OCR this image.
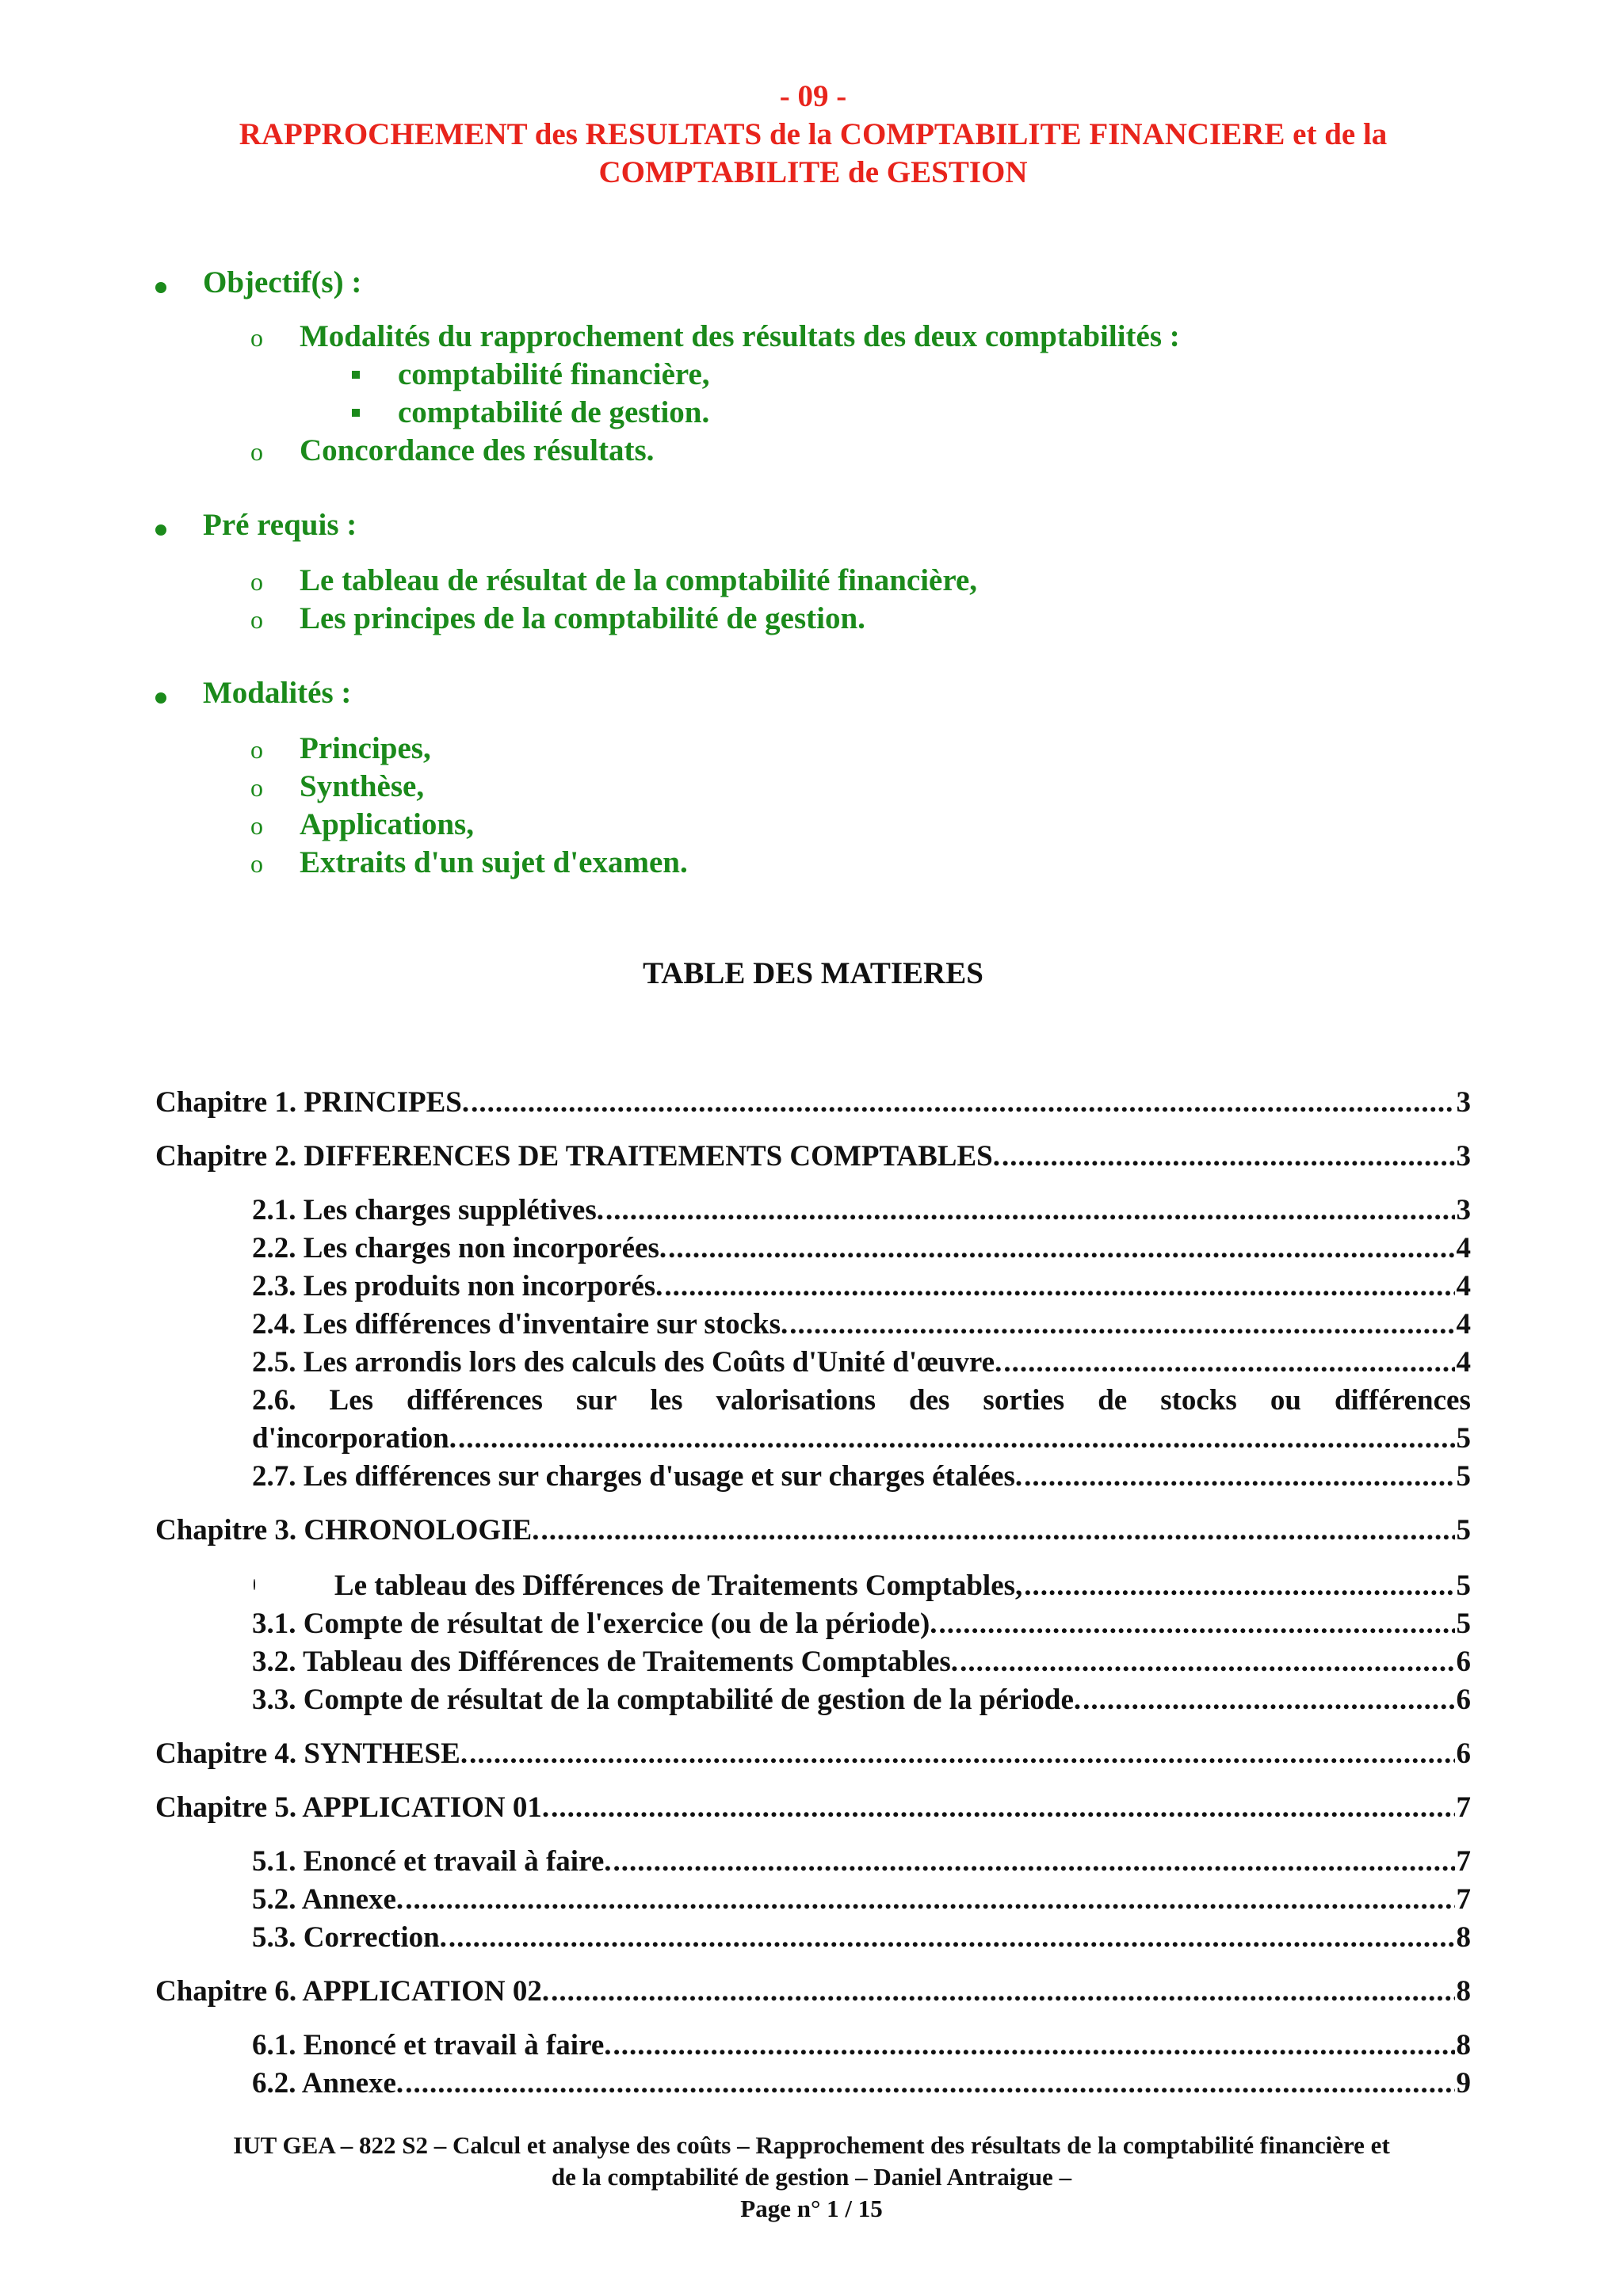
- 09 -
RAPPROCHEMENT des RESULTATS de la COMPTABILITE FINANCIERE et de la
COMPTABILITE de GESTION
Objectif(s) :
o Modalités du rapprochement des résultats des deux comptabilités :
comptabilité financière,
comptabilité de gestion.
o Concordance des résultats.
Pré requis :
o Le tableau de résultat de la comptabilité financière,
o Les principes de la comptabilité de gestion.
Modalités :
o Principes,
o Synthèse,
o Applications,
o Extraits d'un sujet d'examen.
TABLE DES MATIERES
Chapitre 1. PRINCIPES. .....	3
Chapitre 2. DIFFERENCES DE TRAITEMENTS COMPTABLES. .....	3
2.1. Les charges supplétives. .....	3
2.2. Les charges non incorporées. .....	4
2.3. Les produits non incorporés. .....	4
2.4. Les différences d'inventaire sur stocks. .....	4
2.5. Les arrondis lors des calculs des Coûts d'Unité d'œuvre. .....	4
2.6. Les différences sur les valorisations des sorties de stocks ou différences
d'incorporation. .....	5
2.7. Les différences sur charges d'usage et sur charges étalées. .....	5
Chapitre 3. CHRONOLOGIE. .....	5
Le tableau des Différences de Traitements Comptables, .....	5
3.1. Compte de résultat de l'exercice (ou de la période). .....	5
3.2. Tableau des Différences de Traitements Comptables. .....	6
3.3. Compte de résultat de la comptabilité de gestion de la période. .....	6
Chapitre 4. SYNTHESE. .....	6
Chapitre 5. APPLICATION 01. .....	7
5.1. Enoncé et travail à faire. .....	7
5.2. Annexe. .....	7
5.3. Correction. .....	8
Chapitre 6. APPLICATION 02. .....	8
6.1. Enoncé et travail à faire. .....	8
6.2. Annexe. .....	9
IUT GEA – 822 S2 – Calcul et analyse des coûts – Rapprochement des résultats de la comptabilité financière et
de la comptabilité de gestion – Daniel Antraigue –
Page n° 1 / 15
